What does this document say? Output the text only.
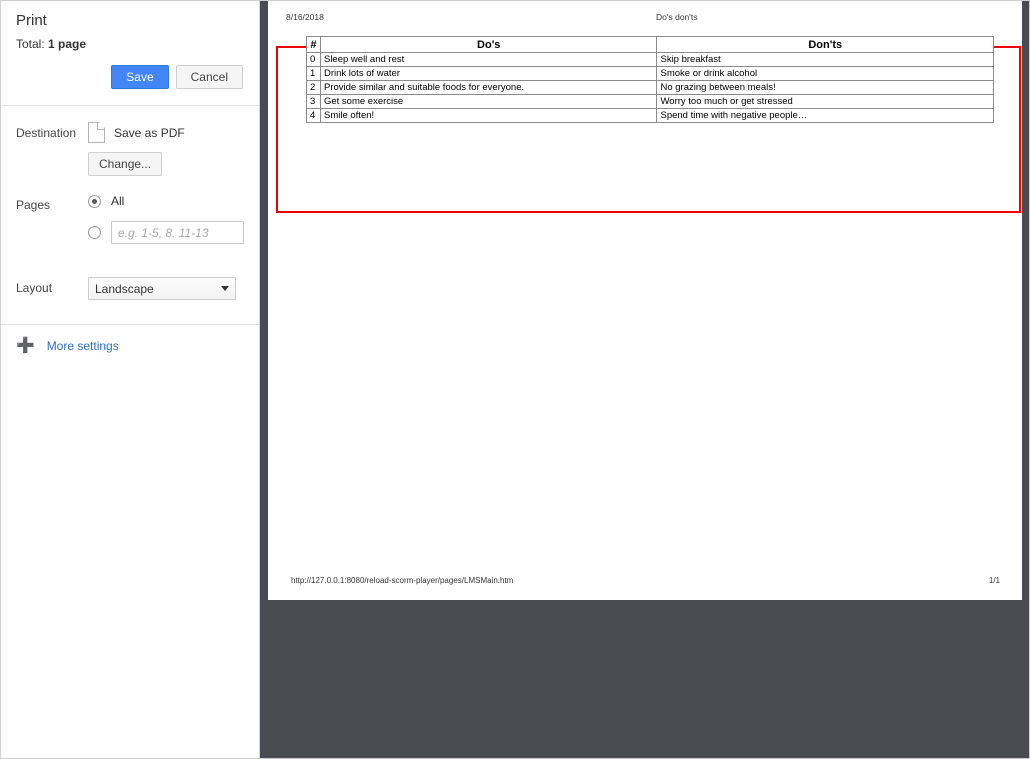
Print
Total: 1 page
Save	Cancel
Destination	Save as PDF
Change...
Pages	All
e.g. 1-5, 8, 11-13
Layout	Landscape
➕ More settings
8/16/2018	Do's don'ts
#	Do's	Don'ts
0	Sleep well and rest	Skip breakfast
1	Drink lots of water	Smoke or drink alcohol
2	Provide similar and suitable foods for everyone.	No grazing between meals!
3	Get some exercise	Worry too much or get stressed
4	Smile often!	Spend time with negative people…
http://127.0.0.1:8080/reload-scorm-player/pages/LMSMain.htm	1/1
